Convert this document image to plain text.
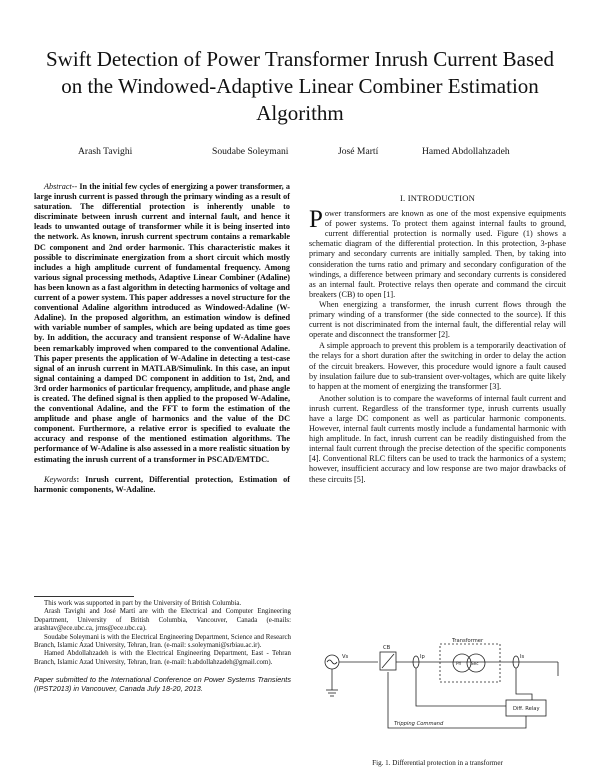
Swift Detection of Power Transformer Inrush Current Based on the Windowed-Adaptive Linear Combiner Estimation Algorithm
Arash Tavighi	Soudabe Soleymani	José Martí	Hamed Abdollahzadeh

Abstract-- In the initial few cycles of energizing a power transformer, a large inrush current is passed through the primary winding as a result of saturation. The differential protection is inherently unable to discriminate between inrush current and internal fault, and hence it leads to unwanted outage of transformer while it is being inserted into the network. As known, inrush current spectrum contains a remarkable DC component and 2nd order harmonic. This characteristic makes it possible to discriminate energization from a short circuit which mostly includes a high amplitude current of fundamental frequency. Among various signal processing methods, Adaptive Linear Combiner (Adaline) has been known as a fast algorithm in detecting harmonics of voltage and current of a power system. This paper addresses a novel structure for the conventional Adaline algorithm introduced as Windowed-Adaline (W-Adaline). In the proposed algorithm, an estimation window is defined with variable number of samples, which are being updated as time goes by. In addition, the accuracy and transient response of W-Adaline have been remarkably improved when compared to the conventional Adaline. This paper presents the application of W-Adaline in detecting a test-case signal of an inrush current in MATLAB/Simulink. In this case, an input signal containing a damped DC component in addition to 1st, 2nd, and 3rd order harmonics of particular frequency, amplitude, and phase angle is created. The defined signal is then applied to the proposed W-Adaline, the conventional Adaline, and the FFT to form the estimation of the amplitude and phase angle of harmonics and the value of the DC component. Furthermore, a relative error is specified to evaluate the accuracy and response of the mentioned estimation algorithms. The performance of W-Adaline is also assessed in a more realistic situation by estimating the inrush current of a transformer in PSCAD/EMTDC.

Keywords: Inrush current, Differential protection, Estimation of harmonic components, W-Adaline.

This work was supported in part by the University of British Columbia.

Arash Tavighi and José Martí are with the Electrical and Computer Engineering Department, University of British Columbia, Vancouver, Canada (e-mails: arashtav@ece.ubc.ca, jrms@ece.ubc.ca).

Soudabe Soleymani is with the Electrical Engineering Department, Science and Research Branch, Islamic Azad University, Tehran, Iran. (e-mail: s.soleymani@srbiau.ac.ir).

Hamed Abdollahzadeh is with the Electrical Engineering Department, East - Tehran Branch, Islamic Azad University, Tehran, Iran. (e-mail: h.abdollahzadeh@gmail.com).

Paper submitted to the International Conference on Power Systems Transients (IPST2013) in Vancouver, Canada July 18-20, 2013.

I. INTRODUCTION

Power transformers are known as one of the most expensive equipments of power systems. To protect them against internal faults to ground, current differential protection is normally used. Figure (1) shows a schematic diagram of the differential protection. In this protection, 3-phase primary and secondary currents are initially sampled. Then, by taking into consideration the turns ratio and primary and secondary configuration of the windings, a difference between primary and secondary currents is considered as an internal fault. Protective relays then operate and command the circuit breakers (CB) to open [1].

When energizing a transformer, the inrush current flows through the primary winding of a transformer (the side connected to the source). If this current is not discriminated from the internal fault, the differential relay will operate and disconnect the transformer [2].

A simple approach to prevent this problem is a temporarily deactivation of the relays for a short duration after the switching in order to delay the action of the circuit breakers. However, this procedure would ignore a fault caused by insulation failure due to sub-transient over-voltages, which are quite likely to happen at the moment of energizing the transformer [3].

Another solution is to compare the waveforms of internal fault current and inrush current. Regardless of the transformer type, inrush currents usually have a large DC component as well as particular harmonic components. However, internal fault currents mostly include a fundamental harmonic with high amplitude. In fact, inrush current can be readily distinguished from the internal fault current through the precise detection of the specific components [4]. Conventional RLC filters can be used to track the harmonics of a system; however, insufficient accuracy and low response are two major drawbacks of these circuits [5].

Vs
CB
Ip	Is
Transformer
Pri Sec
Diff. Relay
Tripping Command
Fig. 1. Differential protection in a transformer
